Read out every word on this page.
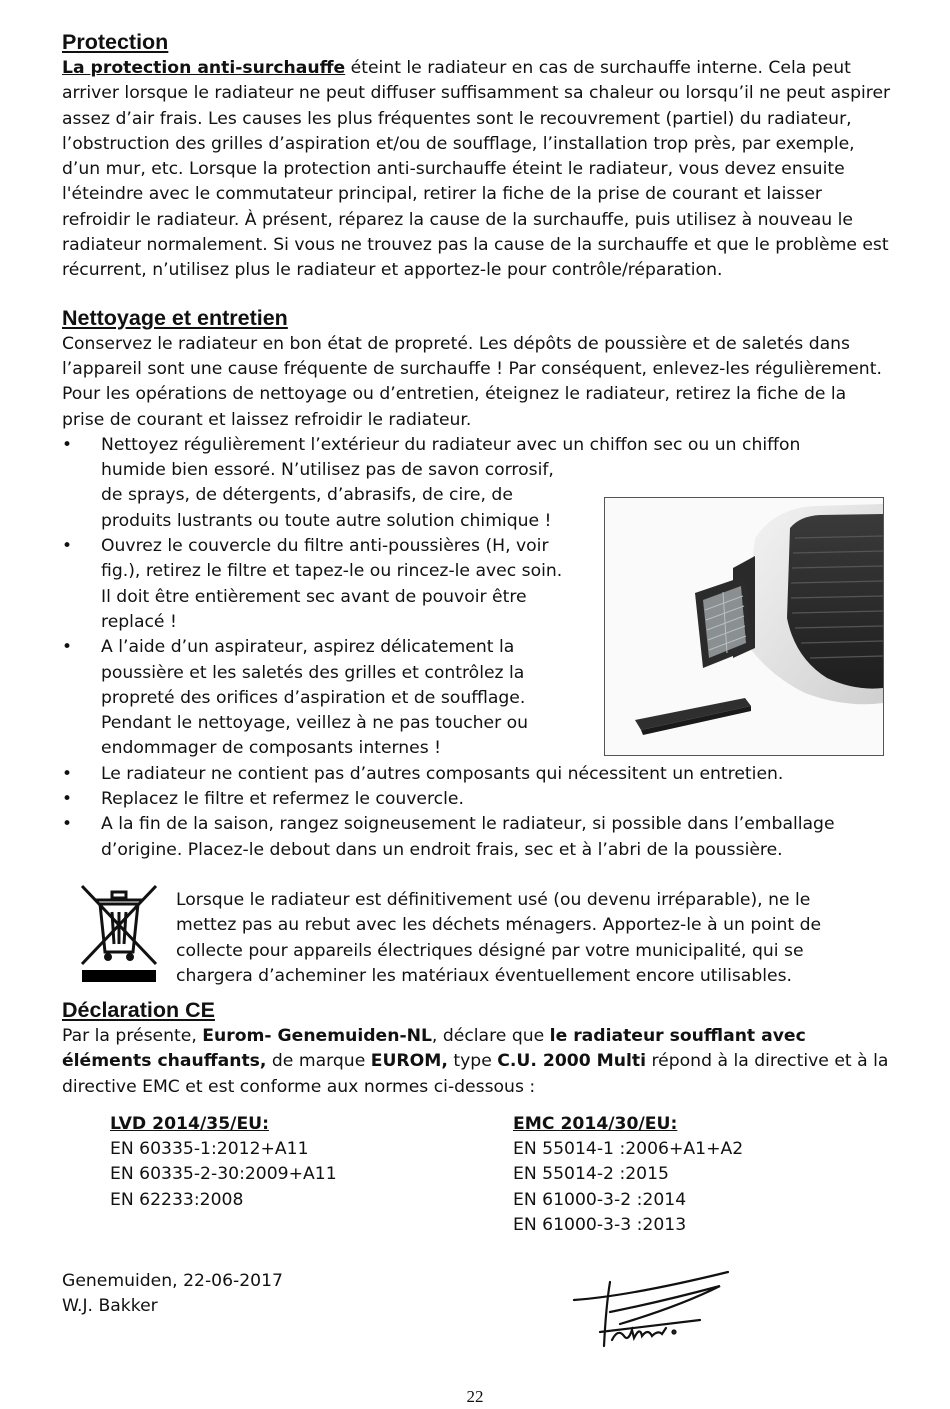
Protection

La protection anti-surchauffe éteint le radiateur en cas de surchauffe interne. Cela peut arriver lorsque le radiateur ne peut diffuser suffisamment sa chaleur ou lorsqu’il ne peut aspirer assez d’air frais. Les causes les plus fréquentes sont le recouvrement (partiel) du radiateur, l’obstruction des grilles d’aspiration et/ou de soufflage, l’installation trop près, par exemple, d’un mur, etc. Lorsque la protection anti-surchauffe éteint le radiateur, vous devez ensuite l'éteindre avec le commutateur principal, retirer la fiche de la prise de courant et laisser refroidir le radiateur. À présent, réparez la cause de la surchauffe, puis utilisez à nouveau le radiateur normalement. Si vous ne trouvez pas la cause de la surchauffe et que le problème est récurrent, n’utilisez plus le radiateur et apportez-le pour contrôle/réparation.

Nettoyage et entretien

Conservez le radiateur en bon état de propreté. Les dépôts de poussière et de saletés dans l’appareil sont une cause fréquente de surchauffe ! Par conséquent, enlevez-les régulièrement. Pour les opérations de nettoyage ou d’entretien, éteignez le radiateur, retirez la fiche de la prise de courant et laissez refroidir le radiateur.

• Nettoyez régulièrement l’extérieur du radiateur avec un chiffon sec ou un chiffon

humide bien essoré. N’utilisez pas de savon corrosif, de sprays, de détergents, d’abrasifs, de cire, de produits lustrants ou toute autre solution chimique !
• Ouvrez le couvercle du filtre anti-poussières (H, voir fig.), retirez le filtre et tapez-le ou rincez-le avec soin. Il doit être entièrement sec avant de pouvoir être replacé !
• A l’aide d’un aspirateur, aspirez délicatement la poussière et les saletés des grilles et contrôlez la propreté des orifices d’aspiration et de soufflage. Pendant le nettoyage, veillez à ne pas toucher ou endommager de composants internes !
• Le radiateur ne contient pas d’autres composants qui nécessitent un entretien.
• Replacez le filtre et refermez le couvercle.
• A la fin de la saison, rangez soigneusement le radiateur, si possible dans l’emballage d’origine. Placez-le debout dans un endroit frais, sec et à l’abri de la poussière.

Lorsque le radiateur est définitivement usé (ou devenu irréparable), ne le mettez pas au rebut avec les déchets ménagers. Apportez-le à un point de collecte pour appareils électriques désigné par votre municipalité, qui se chargera d’acheminer les matériaux éventuellement encore utilisables.

Déclaration CE

Par la présente, Eurom- Genemuiden-NL, déclare que le radiateur soufflant avec éléments chauffants, de marque EUROM, type C.U. 2000 Multi répond à la directive et à la directive EMC et est conforme aux normes ci-dessous :

LVD 2014/35/EU:
EN 60335-1:2012+A11
EN 60335-2-30:2009+A11
EN 62233:2008
EMC 2014/30/EU:
EN 55014-1 :2006+A1+A2
EN 55014-2 :2015
EN 61000-3-2 :2014
EN 61000-3-3 :2013
Genemuiden, 22-06-2017
W.J. Bakker
22
